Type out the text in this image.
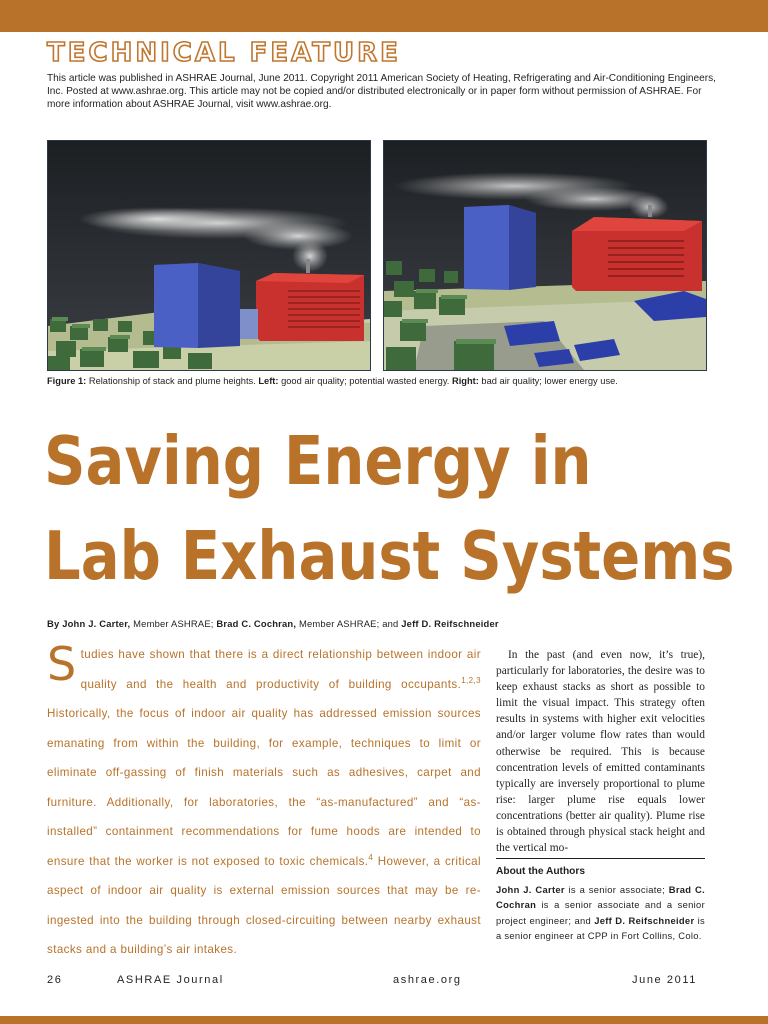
TECHNICAL FEATURE

This article was published in ASHRAE Journal, June 2011. Copyright 2011 American Society of Heating, Refrigerating and Air-Conditioning Engineers, Inc. Posted at www.ashrae.org. This article may not be copied and/or distributed electronically or in paper form without permission of ASHRAE. For more information about ASHRAE Journal, visit www.ashrae.org.

Figure 1: Relationship of stack and plume heights. Left: good air quality; potential wasted energy. Right: bad air quality; lower energy use.

Saving Energy in
Lab Exhaust Systems

By John J. Carter, Member ASHRAE; Brad C. Cochran, Member ASHRAE; and Jeff D. Reifschneider

Studies have shown that there is a direct relationship between indoor air quality and the health and productivity of building occupants.$^{1,2,3}$ Historically, the focus of indoor air quality has addressed emission sources emanating from within the building, for example, techniques to limit or eliminate off-gassing of finish materials such as adhesives, carpet and furniture. Additionally, for laboratories, the “as-manufactured” and “as-installed” containment recommendations for fume hoods are intended to ensure that the worker is not exposed to toxic chemicals.$^4$ However, a critical aspect of indoor air quality is external emission sources that may be re-ingested into the building through closed-circuiting between nearby exhaust stacks and a building’s air intakes.

In the past (and even now, it’s true), particularly for laboratories, the desire was to keep exhaust stacks as short as possible to limit the visual impact. This strategy often results in systems with higher exit velocities and/or larger volume flow rates than would otherwise be required. This is because concentration levels of emitted contaminants typically are inversely proportional to plume rise: larger plume rise equals lower concentrations (better air quality). Plume rise is obtained through physical stack height and the vertical mo-

About the Authors

John J. Carter is a senior associate; Brad C. Cochran is a senior associate and a senior project engineer; and Jeff D. Reifschneider is a senior engineer at CPP in Fort Collins, Colo.

26	ASHRAE Journal	ashrae.org	June 2011
